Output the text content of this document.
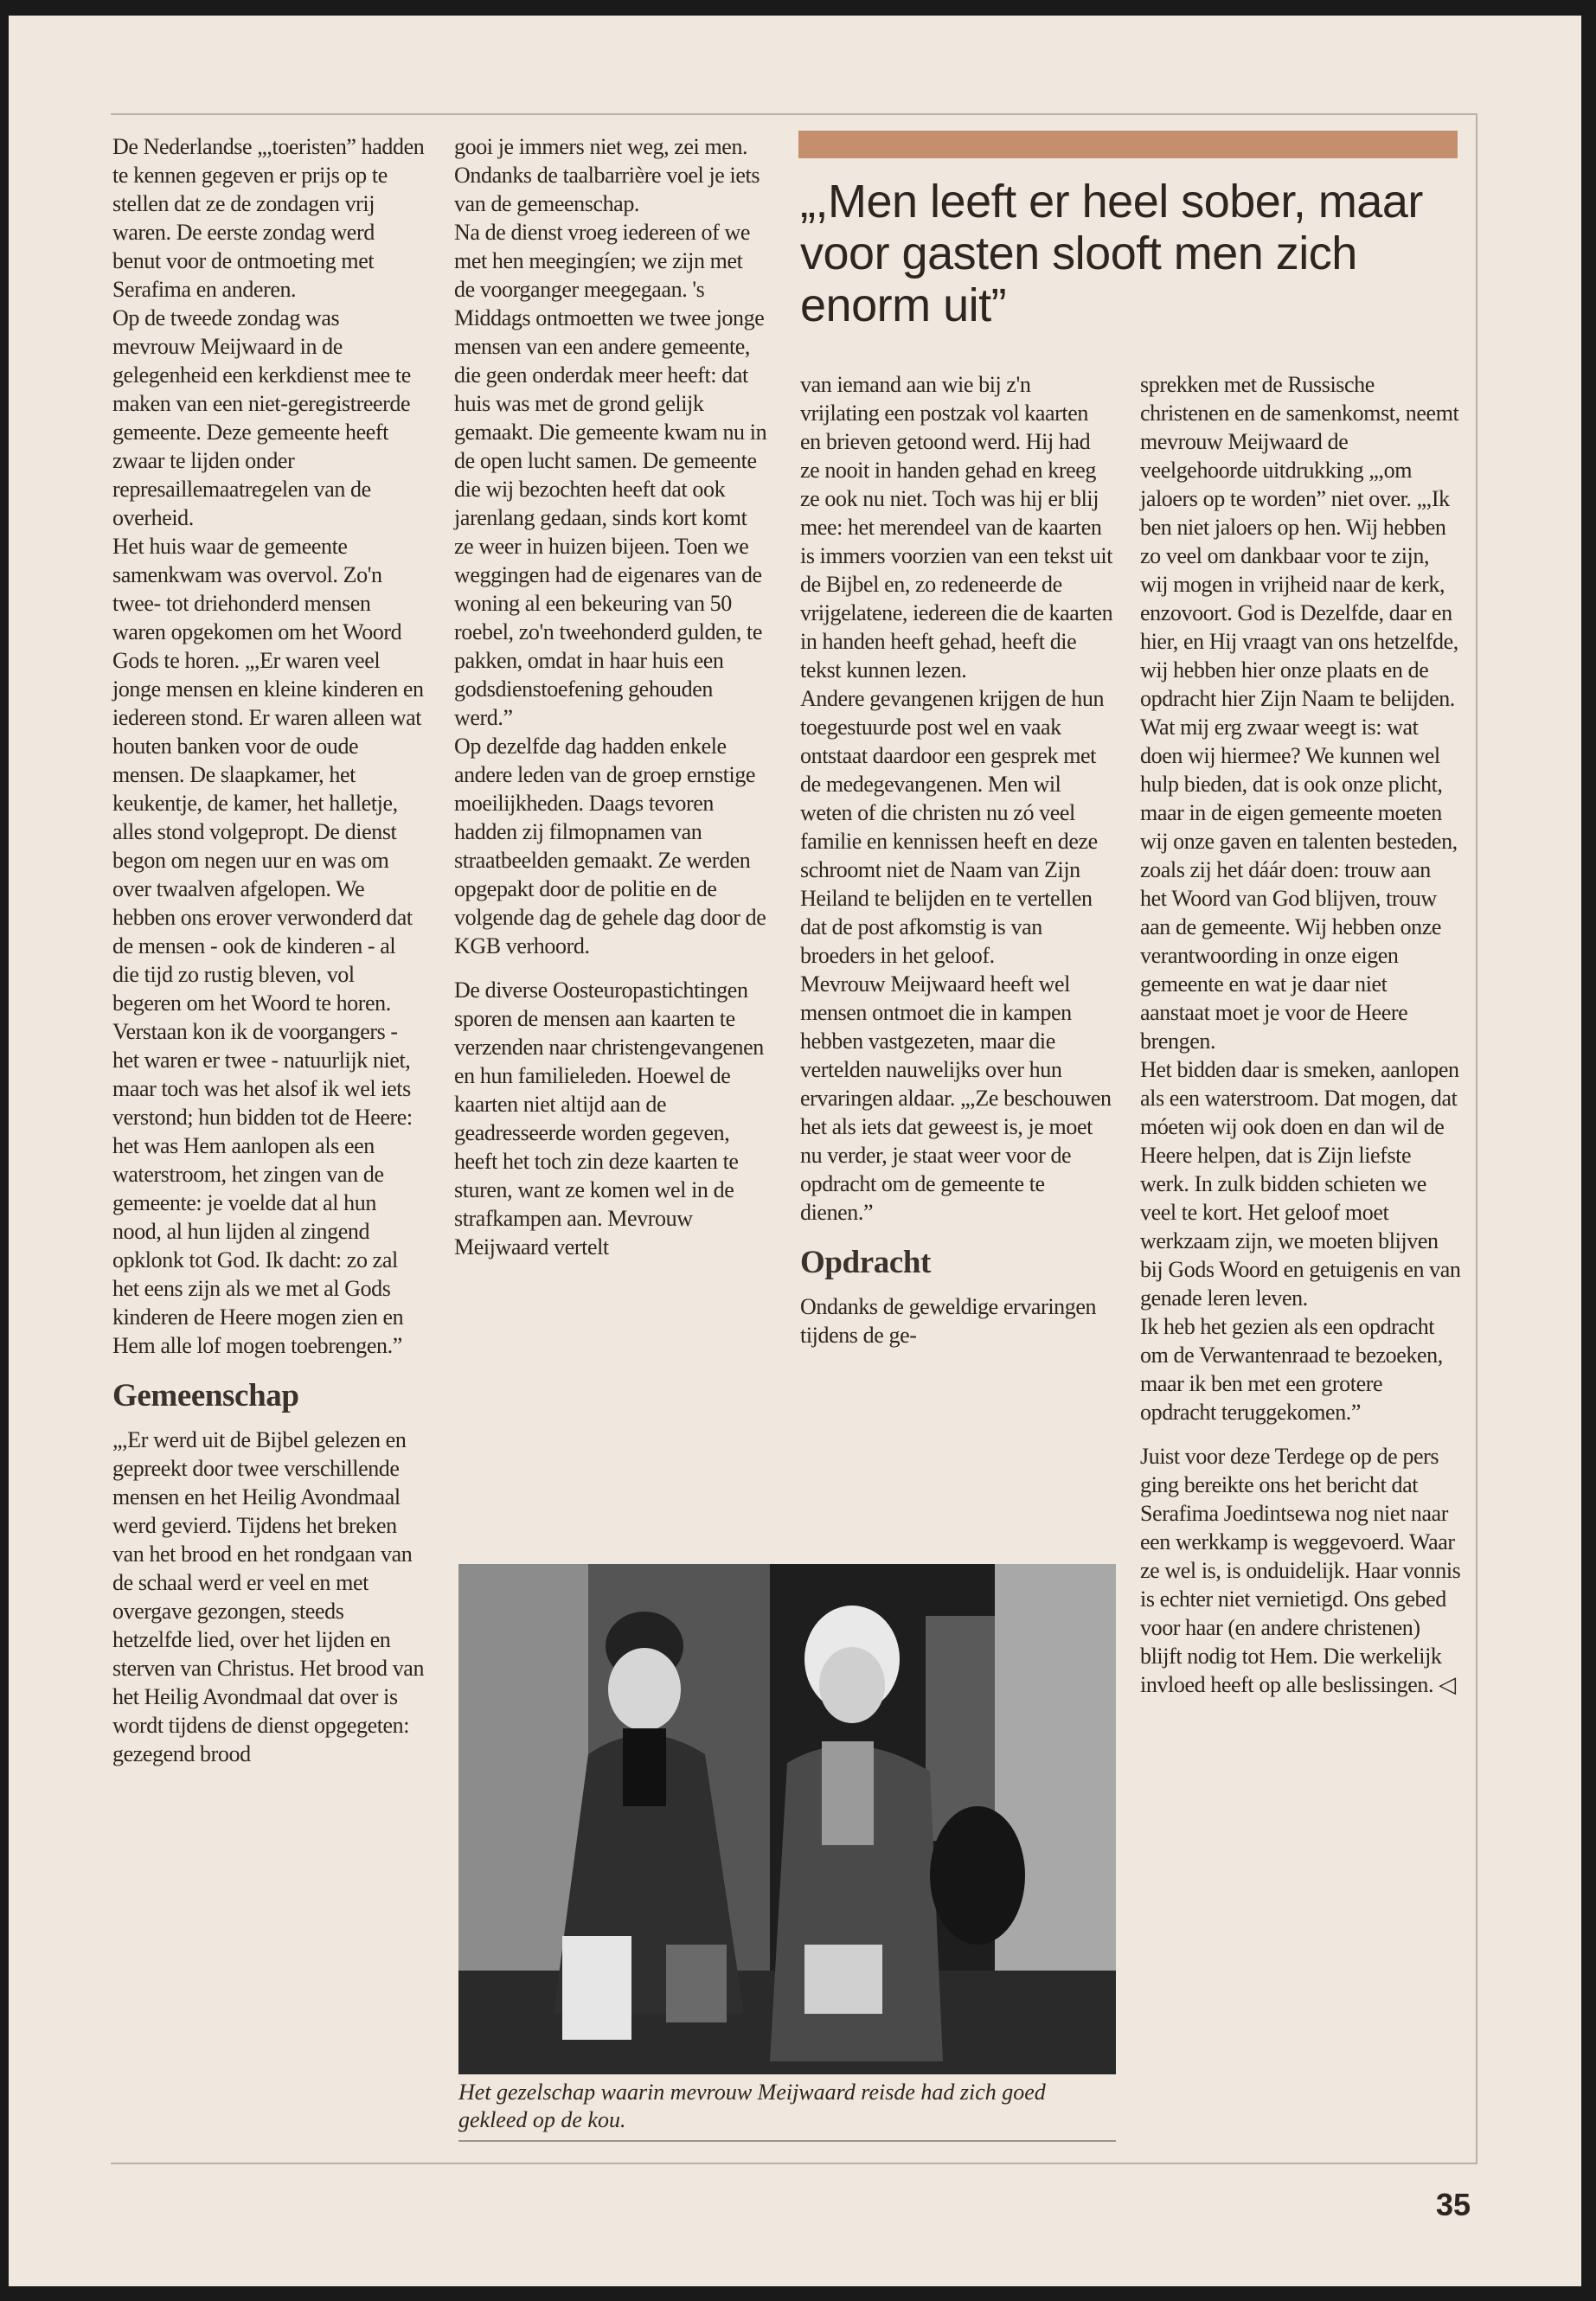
De Nederlandse „,toeristen” hadden te kennen gegeven er prijs op te stellen dat ze de zondagen vrij waren. De eerste zondag werd benut voor de ontmoeting met Serafima en anderen.

Op de tweede zondag was mevrouw Meijwaard in de gelegenheid een kerkdienst mee te maken van een niet-geregistreerde gemeente. Deze gemeente heeft zwaar te lijden onder represaillemaatregelen van de overheid.

Het huis waar de gemeente samenkwam was overvol. Zo'n twee- tot driehonderd mensen waren opgekomen om het Woord Gods te horen. „,Er waren veel jonge mensen en kleine kinderen en iedereen stond. Er waren alleen wat houten banken voor de oude mensen. De slaapkamer, het keukentje, de kamer, het halletje, alles stond volgepropt. De dienst begon om negen uur en was om over twaalven afgelopen. We hebben ons erover verwonderd dat de mensen - ook de kinderen - al die tijd zo rustig bleven, vol begeren om het Woord te horen. Verstaan kon ik de voorgangers - het waren er twee - natuurlijk niet, maar toch was het alsof ik wel iets verstond; hun bidden tot de Heere: het was Hem aanlopen als een waterstroom, het zingen van de gemeente: je voelde dat al hun nood, al hun lijden al zingend opklonk tot God. Ik dacht: zo zal het eens zijn als we met al Gods kinderen de Heere mogen zien en Hem alle lof mogen toebrengen.”

Gemeenschap

„,Er werd uit de Bijbel gelezen en gepreekt door twee verschillende mensen en het Heilig Avondmaal werd gevierd. Tijdens het breken van het brood en het rondgaan van de schaal werd er veel en met overgave gezongen, steeds hetzelfde lied, over het lijden en sterven van Christus. Het brood van het Heilig Avondmaal dat over is wordt tijdens de dienst opgegeten: gezegend brood

gooi je immers niet weg, zei men. Ondanks de taalbarrière voel je iets van de gemeenschap.

Na de dienst vroeg iedereen of we met hen meegingíen; we zijn met de voorganger meegegaan. 's Middags ontmoetten we twee jonge mensen van een andere gemeente, die geen onderdak meer heeft: dat huis was met de grond gelijk gemaakt. Die gemeente kwam nu in de open lucht samen. De gemeente die wij bezochten heeft dat ook jarenlang gedaan, sinds kort komt ze weer in huizen bijeen. Toen we weggingen had de eigenares van de woning al een bekeuring van 50 roebel, zo'n tweehonderd gulden, te pakken, omdat in haar huis een godsdienstoefening gehouden werd.”

Op dezelfde dag hadden enkele andere leden van de groep ernstige moeilijkheden. Daags tevoren hadden zij filmopnamen van straatbeelden gemaakt. Ze werden opgepakt door de politie en de volgende dag de gehele dag door de KGB verhoord.

De diverse Oosteuropastichtingen sporen de mensen aan kaarten te verzenden naar christengevangenen en hun familieleden. Hoewel de kaarten niet altijd aan de geadresseerde worden gegeven, heeft het toch zin deze kaarten te sturen, want ze komen wel in de strafkampen aan. Mevrouw Meijwaard vertelt

„,Men leeft er heel sober, maar voor gasten slooft men zich enorm uit”

van iemand aan wie bij z'n vrijlating een postzak vol kaarten en brieven getoond werd. Hij had ze nooit in handen gehad en kreeg ze ook nu niet. Toch was hij er blij mee: het merendeel van de kaarten is immers voorzien van een tekst uit de Bijbel en, zo redeneerde de vrijgelatene, iedereen die de kaarten in handen heeft gehad, heeft die tekst kunnen lezen.

Andere gevangenen krijgen de hun toegestuurde post wel en vaak ontstaat daardoor een gesprek met de medegevangenen. Men wil weten of die christen nu zó veel familie en kennissen heeft en deze schroomt niet de Naam van Zijn Heiland te belijden en te vertellen dat de post afkomstig is van broeders in het geloof.

Mevrouw Meijwaard heeft wel mensen ontmoet die in kampen hebben vastgezeten, maar die vertelden nauwelijks over hun ervaringen aldaar. „,Ze beschouwen het als iets dat geweest is, je moet nu verder, je staat weer voor de opdracht om de gemeente te dienen.”

Opdracht

Ondanks de geweldige ervaringen tijdens de ge-

sprekken met de Russische christenen en de samenkomst, neemt mevrouw Meijwaard de veelgehoorde uitdrukking „,om jaloers op te worden” niet over. „,Ik ben niet jaloers op hen. Wij hebben zo veel om dankbaar voor te zijn, wij mogen in vrijheid naar de kerk, enzovoort. God is Dezelfde, daar en hier, en Hij vraagt van ons hetzelfde, wij hebben hier onze plaats en de opdracht hier Zijn Naam te belijden.

Wat mij erg zwaar weegt is: wat doen wij hiermee? We kunnen wel hulp bieden, dat is ook onze plicht, maar in de eigen gemeente moeten wij onze gaven en talenten besteden, zoals zij het dáár doen: trouw aan het Woord van God blijven, trouw aan de gemeente. Wij hebben onze verantwoording in onze eigen gemeente en wat je daar niet aanstaat moet je voor de Heere brengen.

Het bidden daar is smeken, aanlopen als een waterstroom. Dat mogen, dat móeten wij ook doen en dan wil de Heere helpen, dat is Zijn liefste werk. In zulk bidden schieten we veel te kort. Het geloof moet werkzaam zijn, we moeten blijven bij Gods Woord en getuigenis en van genade leren leven.

Ik heb het gezien als een opdracht om de Verwantenraad te bezoeken, maar ik ben met een grotere opdracht teruggekomen.”

Juist voor deze Terdege op de pers ging bereikte ons het bericht dat Serafima Joedintsewa nog niet naar een werkkamp is weggevoerd. Waar ze wel is, is onduidelijk. Haar vonnis is echter niet vernietigd. Ons gebed voor haar (en andere christenen) blijft nodig tot Hem. Die werkelijk invloed heeft op alle beslissingen. ◁

Het gezelschap waarin mevrouw Meijwaard reisde had zich goed gekleed op de kou.
35
